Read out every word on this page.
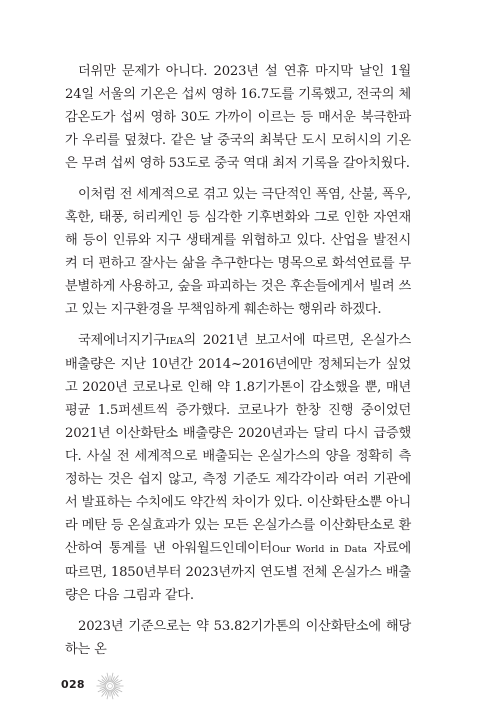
더위만 문제가 아니다. 2023년 설 연휴 마지막 날인 1월 24일 서울의 기온은 섭씨 영하 16.7도를 기록했고, 전국의 체감온도가 섭씨 영하 30도 가까이 이르는 등 매서운 북극한파가 우리를 덮쳤다. 같은 날 중국의 최북단 도시 모허시의 기온은 무려 섭씨 영하 53도로 중국 역대 최저 기록을 갈아치웠다.

이처럼 전 세계적으로 겪고 있는 극단적인 폭염, 산불, 폭우, 혹한, 태풍, 허리케인 등 심각한 기후변화와 그로 인한 자연재해 등이 인류와 지구 생태계를 위협하고 있다. 산업을 발전시켜 더 편하고 잘사는 삶을 추구한다는 명목으로 화석연료를 무분별하게 사용하고, 숲을 파괴하는 것은 후손들에게서 빌려 쓰고 있는 지구환경을 무책임하게 훼손하는 행위라 하겠다.

국제에너지기구IEA의 2021년 보고서에 따르면, 온실가스 배출량은 지난 10년간 2014~2016년에만 정체되는가 싶었고 2020년 코로나로 인해 약 1.8기가톤이 감소했을 뿐, 매년 평균 1.5퍼센트씩 증가했다. 코로나가 한창 진행 중이었던 2021년 이산화탄소 배출량은 2020년과는 달리 다시 급증했다. 사실 전 세계적으로 배출되는 온실가스의 양을 정확히 측정하는 것은 쉽지 않고, 측정 기준도 제각각이라 여러 기관에서 발표하는 수치에도 약간씩 차이가 있다. 이산화탄소뿐 아니라 메탄 등 온실효과가 있는 모든 온실가스를 이산화탄소로 환산하여 통계를 낸 아워월드인데이터Our World in Data 자료에 따르면, 1850년부터 2023년까지 연도별 전체 온실가스 배출량은 다음 그림과 같다.

2023년 기준으로는 약 53.82기가톤의 이산화탄소에 해당하는 온

028
